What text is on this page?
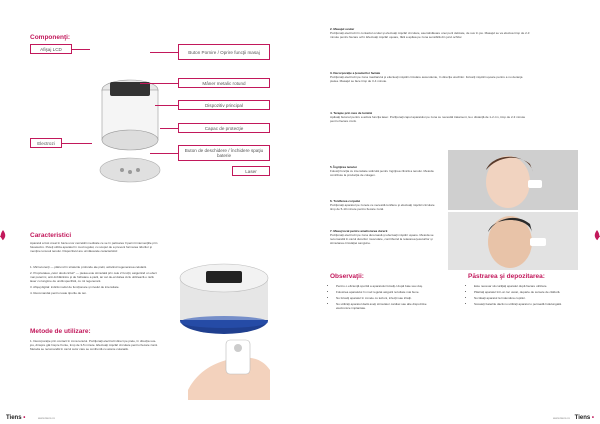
Componenţi:
Afişaj LCD
Buton Pornire / Oprire funcţii masaj
Mâner metalic rotund
Dispozitiv principal
Capac de protecţie
Electrozi
Buton de deschidere / închidere spaţiu baterie
Laser
Caracteristici
Aparatul a fost creat în baza unor cercetări medicale ce se în palmares îl permit intervenţiile prin fotoelectro. Puteţi utiliza aparatul în mod regulat, cu scopul de a preveni formarea ridurilor şi menţine tonusul tenului. Dispozitivul are următoarele caracteristici:
1. Microcurenţi — pătrund în straturile profunde ale pielii, activând regenerarea celulară.
2. Proprietatea „celor două cicluri” — pielea este stimulată prin cele 2 funcţii, asigurând un efect mai puternic, anti-îmbătrânire şi de hidratare a pielii, iar cel de-al doilea ciclu utilizează o rază laser cu lungime de undă specifică, cu rol regenerant.
3. Afişaj digital: indică modul de funcţionare şi nivelul de intensitate.
4. Recomandat pentru toate tipurile de ten.
Metode de utilizare:
1. Decorporaţie prin contact în zona tenului. Poziţionaţi electrozii direct pe piele, în direcţia sus-jos, dinspre gât înspre frunte, timp de 3-5 minute. Efectuaţi mişcări circulare pentru fiecare zonă. Metoda se recomandă în cazul celor care se confruntă cu atonie cutanată.
Tiens •	www.tiens.ro
2. Masajul ocular
Poziţionaţi electrozii în contactul ocular şi efectuaţi mişcări circulare, asemănătoare unei perii delicate, de sus în jos. Masajul se va efectua timp de 2-3 minute pentru fiecare ochi. Efectuaţi mişcări uşoare, fără a apăsa pe zona sensibilă din jurul ochilor.
3. Decorporaţie a ţesuturilor faciale
Poziţionaţi electrozii pe zona maxilarului şi efectuaţi mişcări circulare ascendente, în direcţia urechilor. Folosiţi mişcări uşoare pentru a nu deranja pielea. Masajul se face timp de 3-4 minute.
4. Terapie prin raze de lumină
Apăsaţi butonul pentru a activa funcţia laser. Poziţionaţi capul aparatului pe zona ce necesită tratament, la o distanţă de 1-2 cm, timp de 2-3 minute pentru fiecare zonă.
5. Îngrijirea tenului
Folosiţi funcţia cu intensitate scăzută pentru îngrijirea zilnică a tenului. Metoda contribuie la producţia de colagen.
6. Tonifierea corpului
Poziţionaţi aparatul pe zonele ce necesită tonifiere şi efectuaţi mişcări circulare timp de 5-10 minute pentru fiecare zonă.
7. Masaj local pentru ameliorarea durerii
Poziţionaţi electrozii pe zona dureroasă şi efectuaţi mişcări uşoare. Metoda se recomandă în cazul durerilor musculare, contribuind la relaxarea ţesuturilor şi stimularea circulaţiei sangvine.
Observaţii:
• Pentru o eficienţă sporită a aparatului folosiţi-l după baie sau duş.
• Folosirea aparatului în mod regulat asigură rezultate mai bune.
• Nu folosiţi aparatul în zonele cu leziuni, infecţii sau iritaţii.
• Nu utilizaţi aparatul dacă aveţi stimulator cardiac sau alte dispozitive electronice implantate.
Păstrarea şi depozitarea:
• Este necesar să curăţaţi aparatul după fiecare utilizare.
• Păstraţi aparatul într-un loc uscat, departe de sursele de căldură.
• Nu lăsaţi aparatul la îndemâna copiilor.
• Scoateţi bateriile dacă nu utilizaţi aparatul o perioadă îndelungată.
www.tiens.ro Tiens •
